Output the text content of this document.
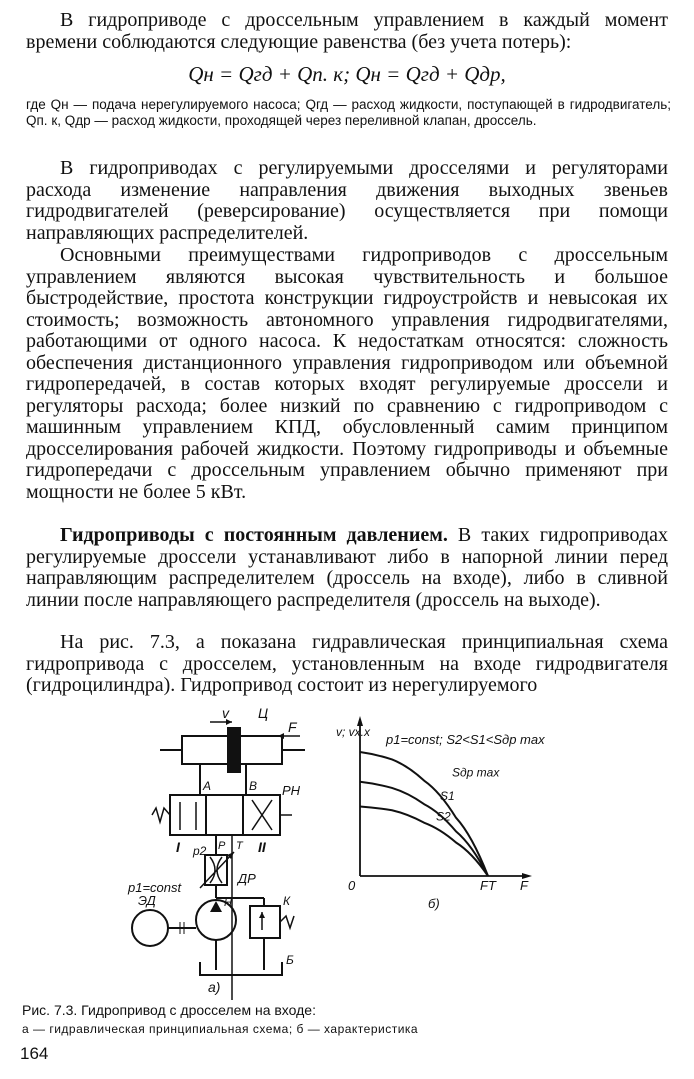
В гидроприводе с дроссельным управлением в каждый момент времени соблюдаются следующие равенства (без учета потерь):

Qн = Qгд + Qп. к; Qн = Qгд + Qдр,

где Qн — подача нерегулируемого насоса; Qгд — расход жидкости, поступающей в гидродвигатель; Qп. к, Qдр — расход жидкости, проходящей через переливной клапан, дроссель.

В гидроприводах с регулируемыми дросселями и регуляторами расхода изменение направления движения выходных звеньев гидродвигателей (реверсирование) осуществляется при помощи направляющих распределителей.

Основными преимуществами гидроприводов с дроссельным управлением являются высокая чувствительность и большое быстродействие, простота конструкции гидроустройств и невысокая их стоимость; возможность автономного управления гидродвигателями, работающими от одного насоса. К недостаткам относятся: сложность обеспечения дистанционного управления гидроприводом или объемной гидропередачей, в состав которых входят регулируемые дроссели и регуляторы расхода; более низкий по сравнению с гидроприводом с машинным управлением КПД, обусловленный самим принципом дросселирования рабочей жидкости. Поэтому гидроприводы и объемные гидропередачи с дроссельным управлением обычно применяют при мощности не более 5 кВт.

Гидроприводы с постоянным давлением. В таких гидроприводах регулируемые дроссели устанавливают либо в напорной линии перед направляющим распределителем (дроссель на входе), либо в сливной линии после направляющего распределителя (дроссель на выходе).

На рис. 7.3, а показана гидравлическая принципиальная схема гидропривода с дросселем, установленным на входе гидродвигателя (гидроцилиндра). Гидропривод состоит из нерегулируемого

v Ц
F
A	B РН
I	II
p2 P T
p1=const
ДР
ЭД	Н	К
Б
а)
Sдр max
S1
S2
v; vx.x p1=const; S2<S1<Sдр max
0	FT F
б)
Рис. 7.3. Гидропривод с дросселем на входе:
а — гидравлическая принципиальная схема; б — характеристика
164
